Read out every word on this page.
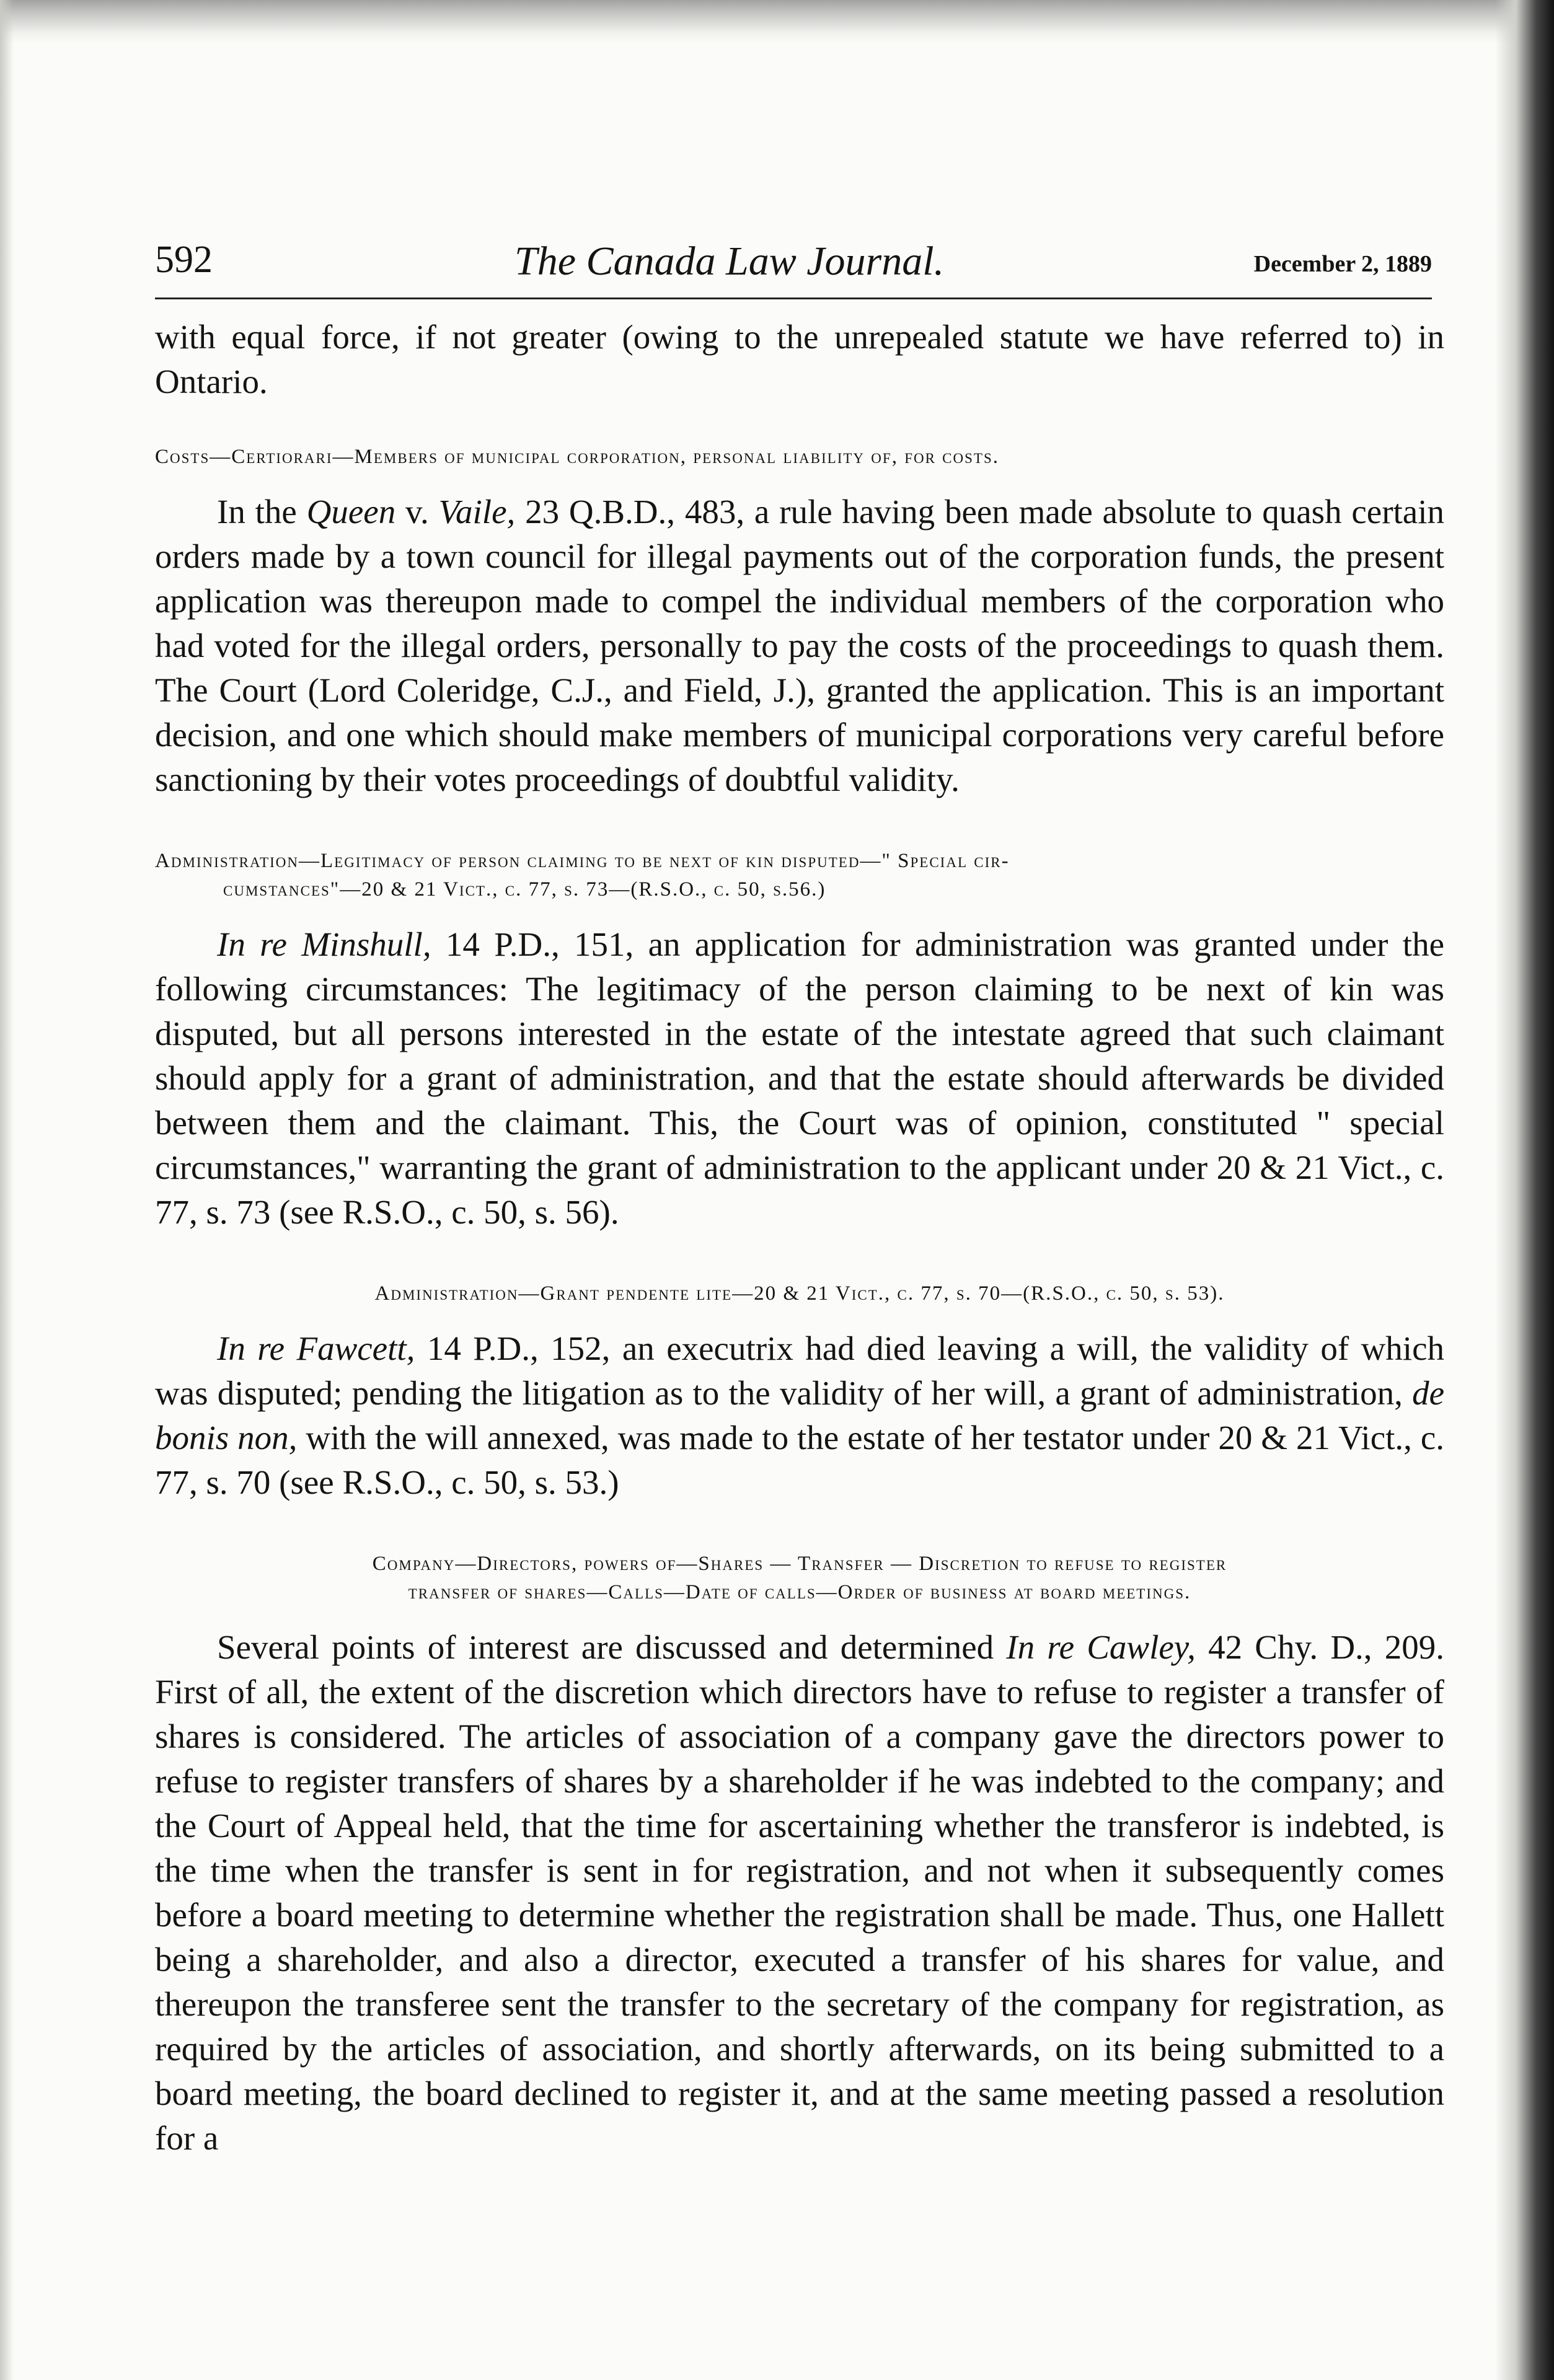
592	The Canada Law Journal.	December 2, 1889

with equal force, if not greater (owing to the unrepealed statute we have referred to) in Ontario.

Costs—Certiorari—Members of municipal corporation, personal liability of, for costs.

In the Queen v. Vaile, 23 Q.B.D., 483, a rule having been made absolute to quash certain orders made by a town council for illegal payments out of the corporation funds, the present application was thereupon made to compel the individual members of the corporation who had voted for the illegal orders, personally to pay the costs of the proceedings to quash them. The Court (Lord Coleridge, C.J., and Field, J.), granted the application. This is an important decision, and one which should make members of municipal corporations very careful before sanctioning by their votes proceedings of doubtful validity.

Administration—Legitimacy of person claiming to be next of kin disputed—" Special cir-
cumstances"—20 & 21 Vict., c. 77, s. 73—(R.S.O., c. 50, s.56.)

In re Minshull, 14 P.D., 151, an application for administration was granted under the following circumstances: The legitimacy of the person claiming to be next of kin was disputed, but all persons interested in the estate of the intestate agreed that such claimant should apply for a grant of administration, and that the estate should afterwards be divided between them and the claimant. This, the Court was of opinion, constituted " special circumstances," warranting the grant of administration to the applicant under 20 & 21 Vict., c. 77, s. 73 (see R.S.O., c. 50, s. 56).

Administration—Grant pendente lite—20 & 21 Vict., c. 77, s. 70—(R.S.O., c. 50, s. 53).

In re Fawcett, 14 P.D., 152, an executrix had died leaving a will, the validity of which was disputed; pending the litigation as to the validity of her will, a grant of administration, de bonis non, with the will annexed, was made to the estate of her testator under 20 & 21 Vict., c. 77, s. 70 (see R.S.O., c. 50, s. 53.)

Company—Directors, powers of—Shares — Transfer — Discretion to refuse to register
transfer of shares—Calls—Date of calls—Order of business at board meetings.

Several points of interest are discussed and determined In re Cawley, 42 Chy. D., 209. First of all, the extent of the discretion which directors have to refuse to register a transfer of shares is considered. The articles of association of a company gave the directors power to refuse to register transfers of shares by a shareholder if he was indebted to the company; and the Court of Appeal held, that the time for ascertaining whether the transferor is indebted, is the time when the transfer is sent in for registration, and not when it subsequently comes before a board meeting to determine whether the registration shall be made. Thus, one Hallett being a shareholder, and also a director, executed a transfer of his shares for value, and thereupon the transferee sent the transfer to the secretary of the company for registration, as required by the articles of association, and shortly afterwards, on its being submitted to a board meeting, the board declined to register it, and at the same meeting passed a resolution for a
